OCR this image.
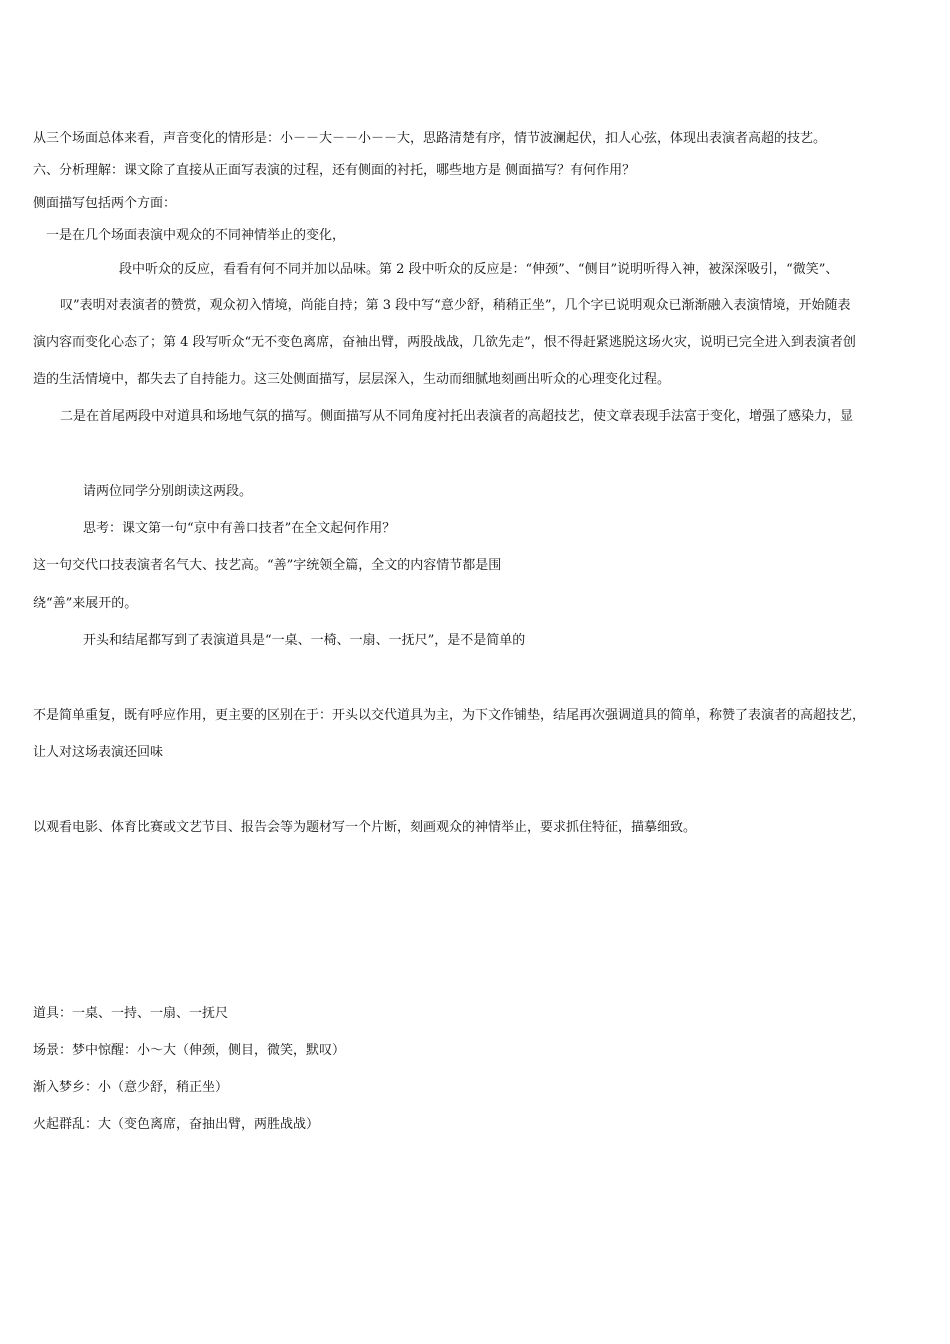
从三个场面总体来看，声音变化的情形是：小－－大－－小－－大，思路清楚有序，情节波澜起伏，扣人心弦，体现出表演者高超的技艺。

六、分析理解：课文除了直接从正面写表演的过程，还有侧面的衬托，哪些地方是 侧面描写？有何作用？

侧面描写包括两个方面：

一是在几个场面表演中观众的不同神情举止的变化，

段中听众的反应，看看有何不同并加以品味。第 2 段中听众的反应是：“伸颈”、“侧目”说明听得入神，被深深吸引，“微笑”、

叹”表明对表演者的赞赏，观众初入情境，尚能自持；第 3 段中写“意少舒，稍稍正坐”，几个字已说明观众已渐渐融入表演情境，开始随表

演内容而变化心态了；第 4 段写听众“无不变色离席，奋袖出臂，两股战战，几欲先走”，恨不得赶紧逃脱这场火灾，说明已完全进入到表演者创

造的生活情境中，都失去了自持能力。这三处侧面描写，层层深入，生动而细腻地刻画出听众的心理变化过程。

二是在首尾两段中对道具和场地气氛的描写。侧面描写从不同角度衬托出表演者的高超技艺，使文章表现手法富于变化，增强了感染力，显

请两位同学分别朗读这两段。

思考：课文第一句“京中有善口技者”在全文起何作用？

这一句交代口技表演者名气大、技艺高。“善”字统领全篇，全文的内容情节都是围

绕“善”来展开的。

开头和结尾都写到了表演道具是“一桌、一椅、一扇、一抚尺”，是不是简单的

不是简单重复，既有呼应作用，更主要的区别在于：开头以交代道具为主，为下文作铺垫，结尾再次强调道具的简单，称赞了表演者的高超技艺，

让人对这场表演还回味

以观看电影、体育比赛或文艺节目、报告会等为题材写一个片断，刻画观众的神情举止，要求抓住特征，描摹细致。

道具：一桌、一持、一扇、一抚尺

场景：梦中惊醒：小～大（伸颈，侧目，微笑，默叹）

渐入梦乡：小（意少舒，稍正坐）

火起群乱：大（变色离席，奋抽出臂，两胜战战）
